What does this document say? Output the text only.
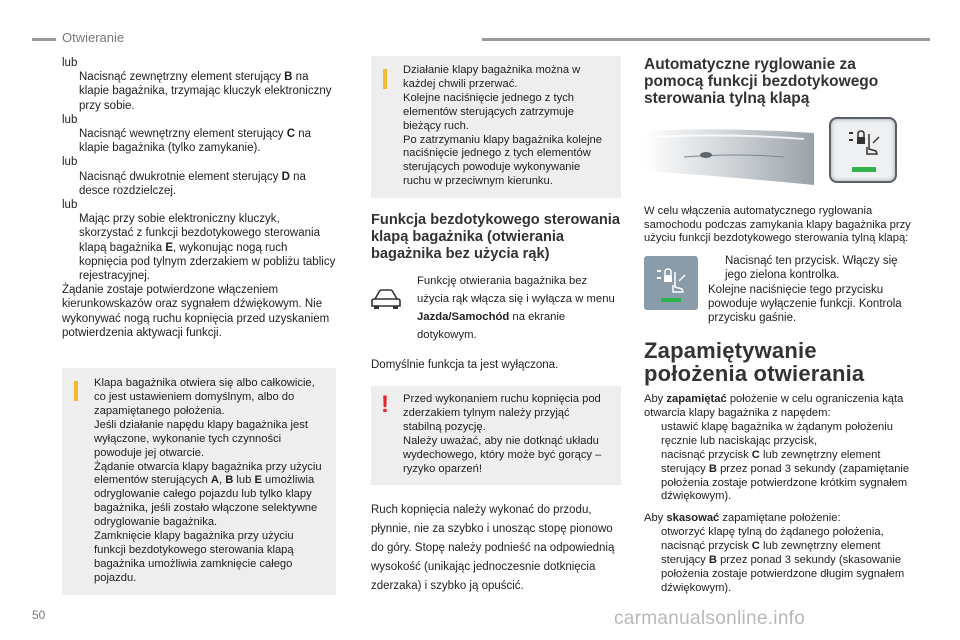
Otwieranie
lub
Nacisnąć zewnętrzny element sterujący B na klapie bagażnika, trzymając kluczyk elektroniczny przy sobie.
lub
Nacisnąć wewnętrzny element sterujący C na klapie bagażnika (tylko zamykanie).
lub
Nacisnąć dwukrotnie element sterujący D na desce rozdzielczej.
lub
Mając przy sobie elektroniczny kluczyk, skorzystać z funkcji bezdotykowego sterowania klapą bagażnika E, wykonując nogą ruch kopnięcia pod tylnym zderzakiem w pobliżu tablicy rejestracyjnej.
Żądanie zostaje potwierdzone włączeniem kierunkowskazów oraz sygnałem dźwiękowym. Nie wykonywać nogą ruchu kopnięcia przed uzyskaniem potwierdzenia aktywacji funkcji.
Klapa bagażnika otwiera się albo całkowicie, co jest ustawieniem domyślnym, albo do zapamiętanego położenia.
Jeśli działanie napędu klapy bagażnika jest wyłączone, wykonanie tych czynności powoduje jej otwarcie.
Żądanie otwarcia klapy bagażnika przy użyciu elementów sterujących A, B lub E umożliwia odryglowanie całego pojazdu lub tylko klapy bagażnika, jeśli zostało włączone selektywne odryglowanie bagażnika.
Zamknięcie klapy bagażnika przy użyciu funkcji bezdotykowego sterowania klapą bagażnika umożliwia zamknięcie całego pojazdu.
Działanie klapy bagażnika można w każdej chwili przerwać.
Kolejne naciśnięcie jednego z tych elementów sterujących zatrzymuje bieżący ruch.
Po zatrzymaniu klapy bagażnika kolejne naciśnięcie jednego z tych elementów sterujących powoduje wykonywanie ruchu w przeciwnym kierunku.
Funkcja bezdotykowego sterowania klapą bagażnika (otwierania bagażnika bez użycia rąk)
Funkcję otwierania bagażnika bez użycia rąk włącza się i wyłącza w menu Jazda/Samochód na ekranie dotykowym.
Domyślnie funkcja ta jest wyłączona.
! Przed wykonaniem ruchu kopnięcia pod zderzakiem tylnym należy przyjąć stabilną pozycję.
Należy uważać, aby nie dotknąć układu wydechowego, który może być gorący – ryzyko oparzeń!
Ruch kopnięcia należy wykonać do przodu, płynnie, nie za szybko i unosząc stopę pionowo do góry. Stopę należy podnieść na odpowiednią wysokość (unikając jednoczesnie dotknięcia zderzaka) i szybko ją opuścić.
Automatyczne ryglowanie za pomocą funkcji bezdotykowego sterowania tylną klapą
W celu włączenia automatycznego ryglowania samochodu podczas zamykania klapy bagażnika przy użyciu funkcji bezdotykowego sterowania tylną klapą:
Nacisnąć ten przycisk. Włączy się jego zielona kontrolka.
Kolejne naciśnięcie tego przycisku powoduje wyłączenie funkcji. Kontrola przycisku gaśnie.
Zapamiętywanie położenia otwierania
Aby zapamiętać położenie w celu ograniczenia kąta otwarcia klapy bagażnika z napędem:
ustawić klapę bagażnika w żądanym położeniu ręcznie lub naciskając przycisk,
nacisnąć przycisk C lub zewnętrzny element sterujący B przez ponad 3 sekundy (zapamiętanie położenia zostaje potwierdzone krótkim sygnałem dźwiękowym).
Aby skasować zapamiętane położenie:
otworzyć klapę tylną do żądanego położenia,
nacisnąć przycisk C lub zewnętrzny element sterujący B przez ponad 3 sekundy (skasowanie położenia zostaje potwierdzone długim sygnałem dźwiękowym).
50	carmanualsonline.info
